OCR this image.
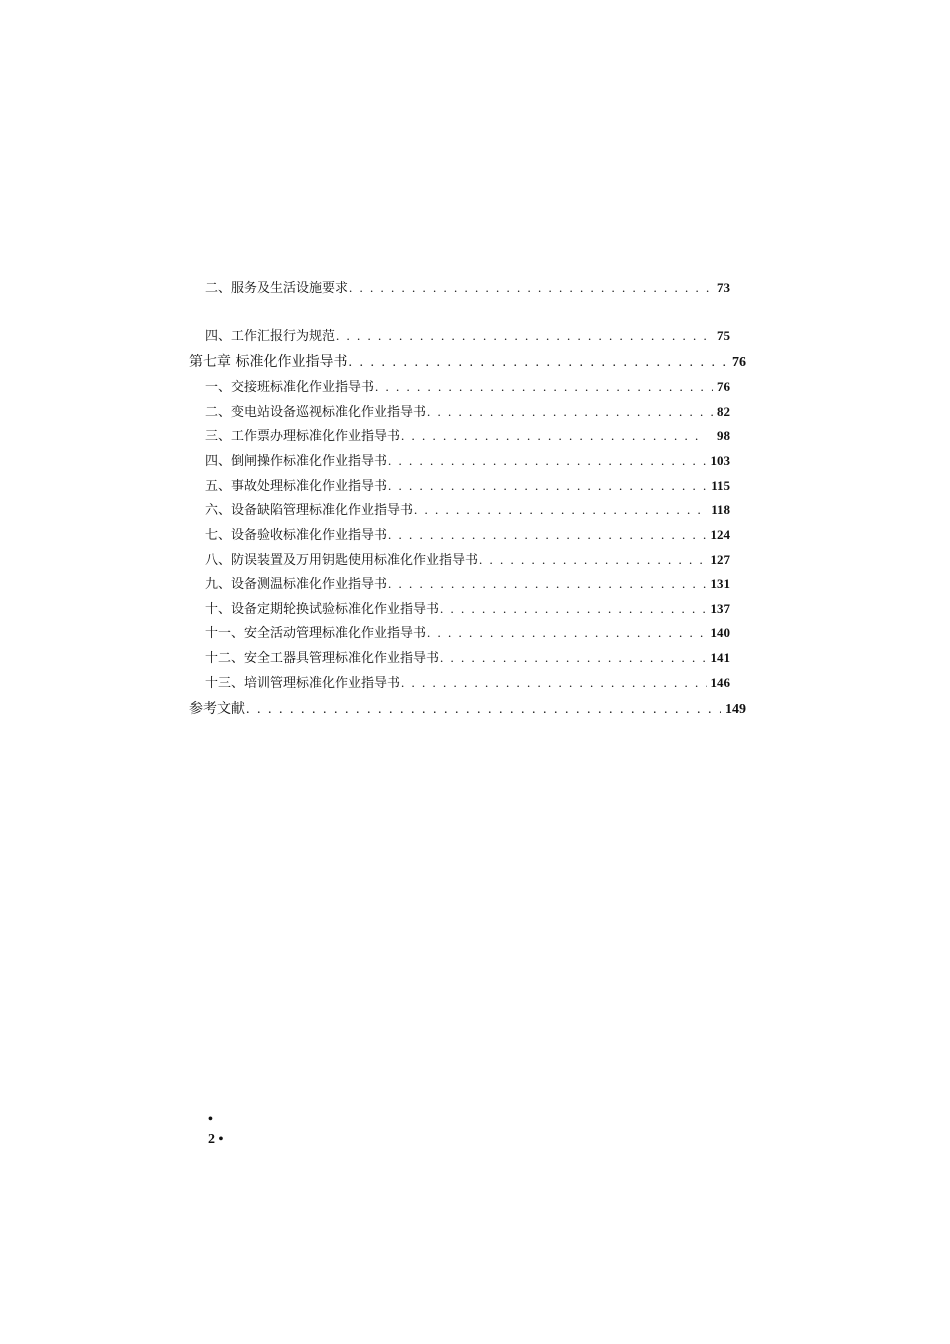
二、服务及生活设施要求 . . .	73
四、工作汇报行为规范 . . .	75
第七章 标准化作业指导书 . . .	76
一、交接班标准化作业指导书 . . .	76
二、变电站设备巡视标准化作业指导书 . . .	82
三、工作票办理标准化作业指导书 . . .	98
四、倒闸操作标准化作业指导书 . . .	103
五、事故处理标准化作业指导书 . . .	115
六、设备缺陷管理标准化作业指导书 . . .	118
七、设备验收标准化作业指导书 . . .	124
八、防误装置及万用钥匙使用标准化作业指导书 . . .	127
九、设备测温标准化作业指导书 . . .	131
十、设备定期轮换试验标准化作业指导书 . . .	137
十一、安全活动管理标准化作业指导书 . . .	140
十二、安全工器具管理标准化作业指导书 . . .	141
十三、培训管理标准化作业指导书 . . .	146
参考文献 . . .	149
•
2 •
